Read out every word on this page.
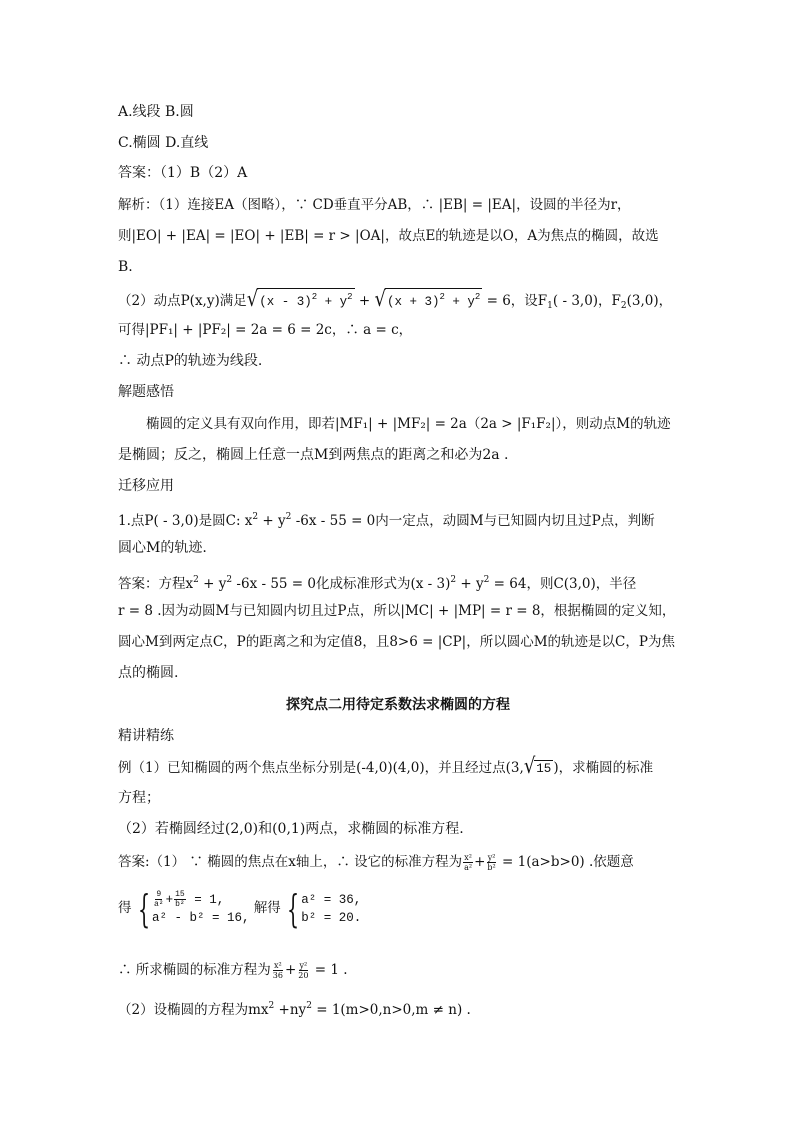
A.线段 B.圆
C.椭圆 D.直线
答案：（1）B（2）A
解析：（1）连接EA（图略），∵ CD垂直平分AB，∴ |EB| = |EA|，设圆的半径为r，
则|EO| + |EA| = |EO| + |EB| = r > |OA|，故点E的轨迹是以O，A为焦点的椭圆，故选
B.
（2）动点P(x,y)满足$√(x - 3)^2 + y^2 + √(x + 3)^2 + y^2 = 6$，设$F_1( - 3,0)$，$F_2(3,0)$，
可得|PF₁| + |PF₂| = 2a = 6 = 2c，∴ a = c，
∴ 动点P的轨迹为线段.
解题感悟
椭圆的定义具有双向作用，即若|MF₁| + |MF₂| = 2a（2a > |F₁F₂|），则动点M的轨迹
是椭圆；反之，椭圆上任意一点M到两焦点的距离之和必为2a .
迁移应用
1.点P( - 3,0)是圆C: $x^2 + y^2$ -6x - 55 = 0内一定点，动圆M与已知圆内切且过P点，判断
圆心M的轨迹.
答案：方程$x^2 + y^2$ -6x - 55 = 0化成标准形式为$(x - 3)^2 + y^2 = 64$，则C(3,0)，半径
r = 8 .因为动圆M与已知圆内切且过P点，所以|MC| + |MP| = r = 8，根据椭圆的定义知，
圆心M到两定点C，P的距离之和为定值8，且8>6 = |CP|，所以圆心M的轨迹是以C，P为焦
点的椭圆.
探究点二用待定系数法求椭圆的方程
精讲精练
例（1）已知椭圆的两个焦点坐标分别是(-4,0)(4,0)，并且经过点(3,√15 )，求椭圆的标准
方程；
（2）若椭圆经过(2,0)和(0,1)两点，求椭圆的标准方程.
答案:（1） ∵ 椭圆的焦点在x轴上，∴ 设它的标准方程为 $\frac{\text{x²}}{\text{a²}} + \frac{\text{y²}}{\text{b²}} = 1(a>b>0)$ .依题意
得 { $\frac{9}{\text{a²}} + \frac{15}{\text{b²}} = 1$,
a² - b² = 16,
解得 { a² = 36,
b² = 20.
∴ 所求椭圆的标准方程为 $\frac{\text{x²}}{36} + \frac{\text{y²}}{20} = 1$ .
（2）设椭圆的方程为$mx^2 +ny^2 = 1(m>0,n>0,m \ne n)$ .
